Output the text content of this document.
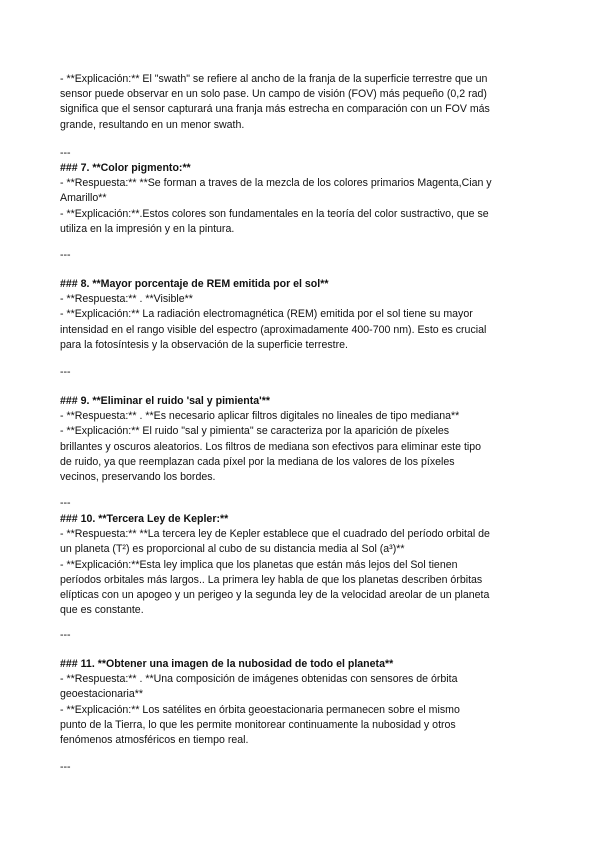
- **Explicación:** El "swath" se refiere al ancho de la franja de la superficie terrestre que un

sensor puede observar en un solo pase. Un campo de visión (FOV) más pequeño (0,2 rad)

significa que el sensor capturará una franja más estrecha en comparación con un FOV más

grande, resultando en un menor swath.

---

### 7. **Color pigmento:**

- **Respuesta:** **Se forman a traves de la mezcla de los colores primarios Magenta,Cian y

Amarillo**

- **Explicación:**.Estos colores son fundamentales en la teoría del color sustractivo, que se

utiliza en la impresión y en la pintura.

---

### 8. **Mayor porcentaje de REM emitida por el sol**

- **Respuesta:** . **Visible**

- **Explicación:** La radiación electromagnética (REM) emitida por el sol tiene su mayor

intensidad en el rango visible del espectro (aproximadamente 400-700 nm). Esto es crucial

para la fotosíntesis y la observación de la superficie terrestre.

---

### 9. **Eliminar el ruido 'sal y pimienta'**

- **Respuesta:** . **Es necesario aplicar filtros digitales no lineales de tipo mediana**

- **Explicación:** El ruido "sal y pimienta" se caracteriza por la aparición de píxeles

brillantes y oscuros aleatorios. Los filtros de mediana son efectivos para eliminar este tipo

de ruido, ya que reemplazan cada píxel por la mediana de los valores de los píxeles

vecinos, preservando los bordes.

---

### 10. **Tercera Ley de Kepler:**

- **Respuesta:** **La tercera ley de Kepler establece que el cuadrado del período orbital de

un planeta (T²) es proporcional al cubo de su distancia media al Sol (a³)**

- **Explicación:**Esta ley implica que los planetas que están más lejos del Sol tienen

períodos orbitales más largos.. La primera ley habla de que los planetas describen órbitas

elípticas con un apogeo y un perigeo y la segunda ley de la velocidad areolar de un planeta

que es constante.

---

### 11. **Obtener una imagen de la nubosidad de todo el planeta**

- **Respuesta:** . **Una composición de imágenes obtenidas con sensores de órbita

geoestacionaria**

- **Explicación:** Los satélites en órbita geoestacionaria permanecen sobre el mismo

punto de la Tierra, lo que les permite monitorear continuamente la nubosidad y otros

fenómenos atmosféricos en tiempo real.

---
